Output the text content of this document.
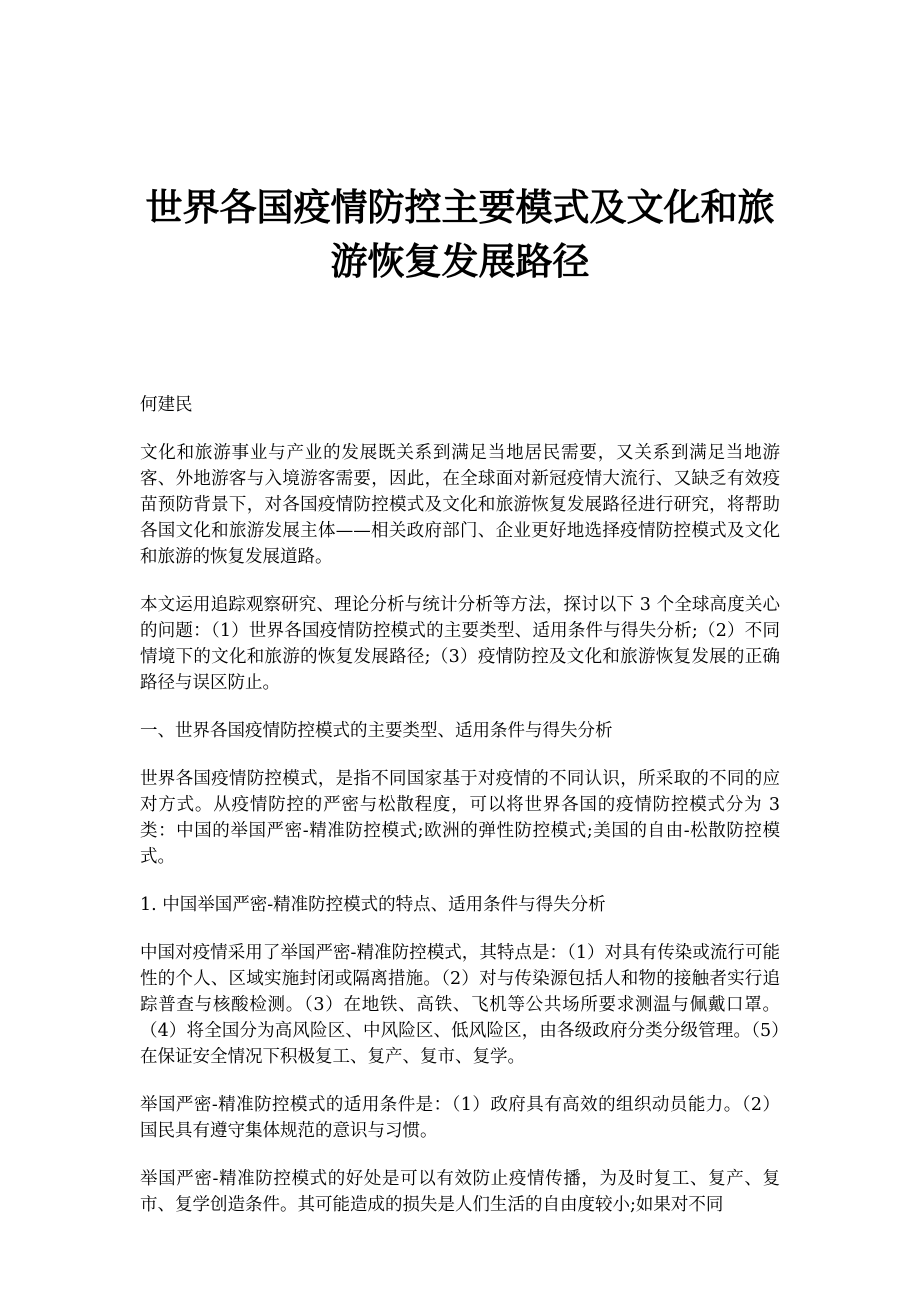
世界各国疫情防控主要模式及文化和旅
游恢复发展路径

何建民

文化和旅游事业与产业的发展既关系到满足当地居民需要，又关系到满足当地游客、外地游客与入境游客需要，因此，在全球面对新冠疫情大流行、又缺乏有效疫苗预防背景下，对各国疫情防控模式及文化和旅游恢复发展路径进行研究，将帮助各国文化和旅游发展主体——相关政府部门、企业更好地选择疫情防控模式及文化和旅游的恢复发展道路。

本文运用追踪观察研究、理论分析与统计分析等方法，探讨以下 3 个全球高度关心的问题：（1）世界各国疫情防控模式的主要类型、适用条件与得失分析;（2）不同情境下的文化和旅游的恢复发展路径;（3）疫情防控及文化和旅游恢复发展的正确路径与误区防止。

一、世界各国疫情防控模式的主要类型、适用条件与得失分析

世界各国疫情防控模式，是指不同国家基于对疫情的不同认识，所采取的不同的应对方式。从疫情防控的严密与松散程度，可以将世界各国的疫情防控模式分为 3 类：中国的举国严密-精准防控模式;欧洲的弹性防控模式;美国的自由-松散防控模式。

1. 中国举国严密-精准防控模式的特点、适用条件与得失分析

中国对疫情采用了举国严密-精准防控模式，其特点是：（1）对具有传染或流行可能性的个人、区域实施封闭或隔离措施。（2）对与传染源包括人和物的接触者实行追踪普查与核酸检测。（3）在地铁、高铁、飞机等公共场所要求测温与佩戴口罩。（4）将全国分为高风险区、中风险区、低风险区，由各级政府分类分级管理。（5）在保证安全情况下积极复工、复产、复市、复学。

举国严密-精准防控模式的适用条件是：（1）政府具有高效的组织动员能力。（2）国民具有遵守集体规范的意识与习惯。

举国严密-精准防控模式的好处是可以有效防止疫情传播，为及时复工、复产、复市、复学创造条件。其可能造成的损失是人们生活的自由度较小;如果对不同
